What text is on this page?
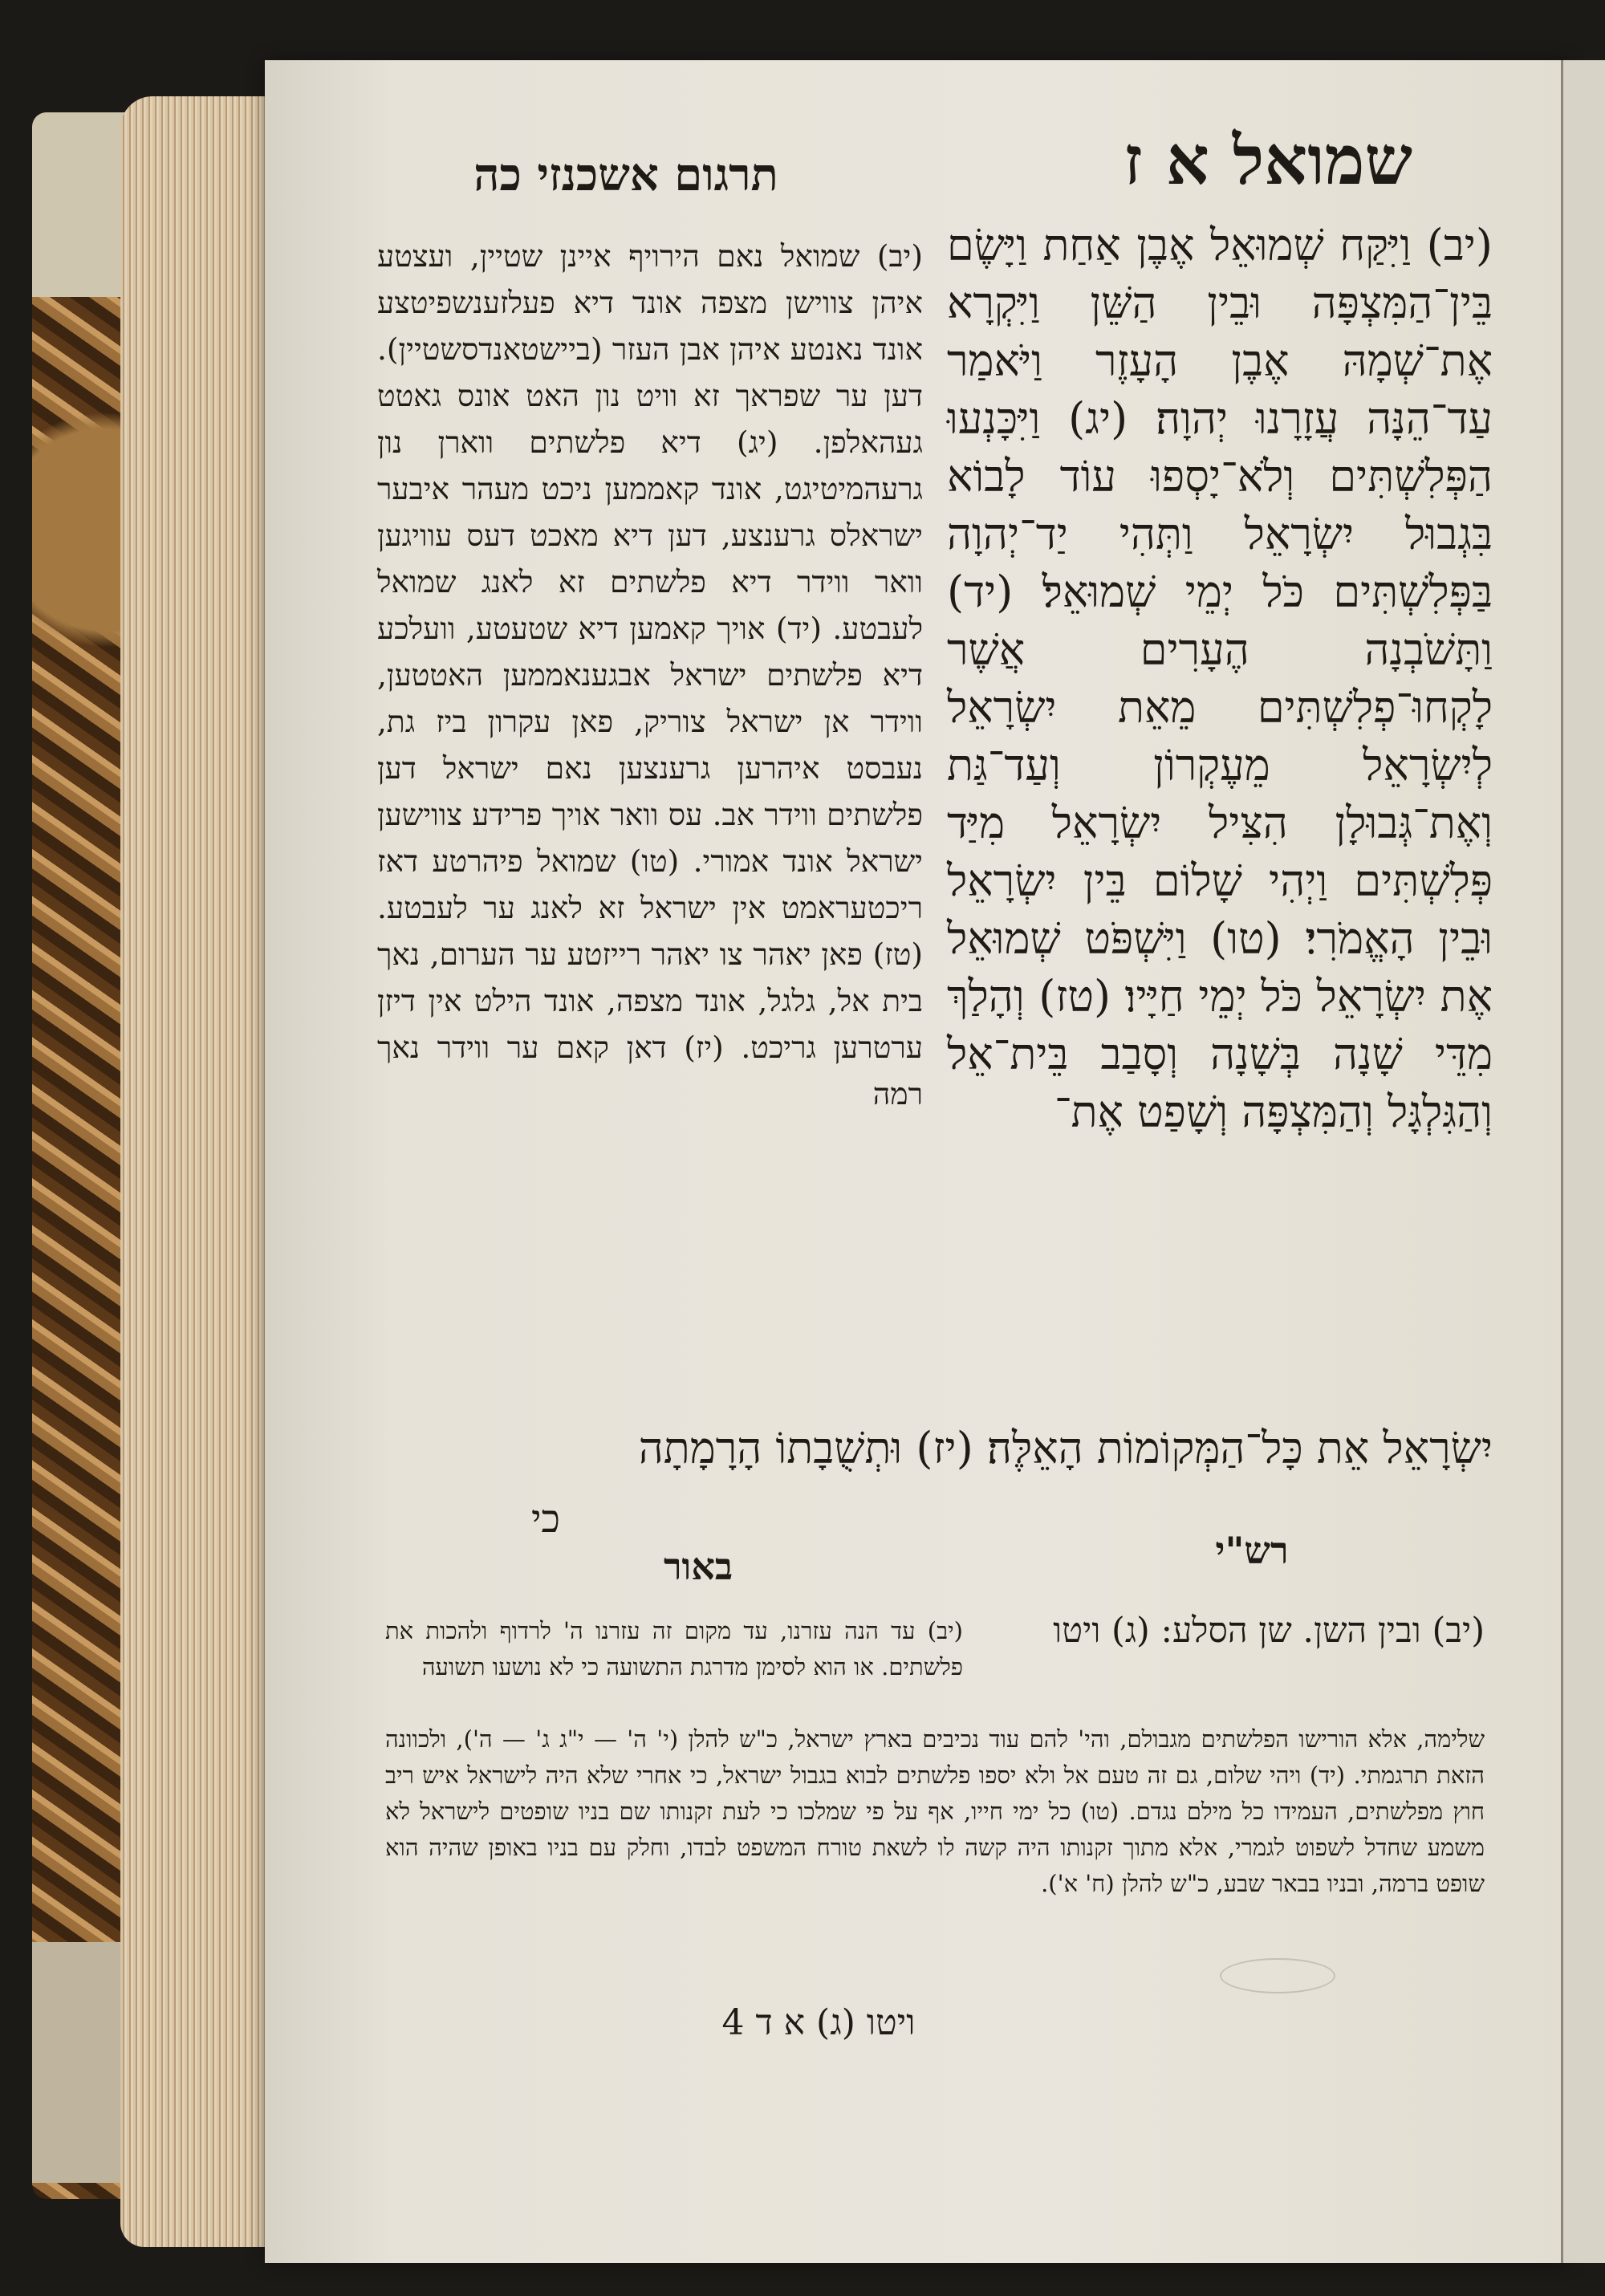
שמואל א ז
תרגום אשכנזי כה

(יב) וַיִּקַּח שְׁמוּאֵל אֶבֶן אַחַת וַיָּשֶׂם בֵּין־הַמִּצְפָּה וּבֵין הַשֵּׁן וַיִּקְרָא אֶת־שְׁמָהּ אֶבֶן הָעָזֶר וַיֹּאמַר עַד־הֵנָּה עֲזָרָנוּ יְהוָה׃ (יג) וַיִּכָּנְעוּ הַפְּלִשְׁתִּים וְלֹא־יָסְפוּ עוֹד לָבוֹא בִּגְבוּל יִשְׂרָאֵל וַתְּהִי יַד־יְהוָה בַּפְּלִשְׁתִּים כֹּל יְמֵי שְׁמוּאֵל׃ (יד) וַתָּשֹׁבְנָה הֶעָרִים אֲשֶׁר לָקְחוּ־פְלִשְׁתִּים מֵאֵת יִשְׂרָאֵל לְיִשְׂרָאֵל מֵעֶקְרוֹן וְעַד־גַּת וְאֶת־גְּבוּלָן הִצִּיל יִשְׂרָאֵל מִיַּד פְּלִשְׁתִּים וַיְהִי שָׁלוֹם בֵּין יִשְׂרָאֵל וּבֵין הָאֱמֹרִי׃ (טו) וַיִּשְׁפֹּט שְׁמוּאֵל אֶת יִשְׂרָאֵל כֹּל יְמֵי חַיָּיו׃ (טז) וְהָלַךְ מִדֵּי שָׁנָה בְּשָׁנָה וְסָבַב בֵּית־אֵל וְהַגִּלְגָּל וְהַמִּצְפָּה וְשָׁפַט אֶת־

(יב) שמואל נאם הירויף איינן שטיין, ועצטע איהן צווישן מצפה אונד דיא פעלזענשפיטצע אונד נאנטע איהן אבן העזר (ביישטאנדסשטיין). דען ער שפראך זא וויט נון האט אונס גאטט געהאלפן. (יג) דיא פלשתים ווארן נון גרעהמיטיגט, אונד קאממען ניכט מעהר איבער ישראלס גרענצע, דען דיא מאכט דעס עוויגען וואר ווידר דיא פלשתים זא לאנג שמואל לעבטע. (יד) אויך קאמען דיא שטעטע, וועלכע דיא פלשתים ישראל אבגענאממען האטטען, ווידר אן ישראל צוריק, פאן עקרון ביז גת, נעבסט איהרען גרענצען נאם ישראל דען פלשתים ווידר אב. עס וואר אויך פרידע צווישען ישראל אונד אמורי. (טו) שמואל פיהרטע דאז ריכטעראמט אין ישראל זא לאנג ער לעבטע. (טז) פאן יאהר צו יאהר רייזטע ער הערום, נאך בית אל, גלגל, אונד מצפה, אונד הילט אין דיזן ערטרען גריכט. (יז) דאן קאם ער ווידר נאך רמה

יִשְׂרָאֵל אֵת כָּל־הַמְּקוֹמוֹת הָאֵלֶּה׃ (יז) וּתְשֻׁבָתוֹ הָרָמָתָה
כי
רש"י
באור

(יב) ובין השן. שן הסלע: (ג) ויטו

(יב) עד הנה עזרנו, עד מקום זה עזרנו ה' לרדוף ולהכות את פלשתים. או הוא לסימן מדרגת התשועה כי לא נושעו תשועה

שלימה, אלא הורישו הפלשתים מגבולם, והי' להם עוד נכיבים בארץ ישראל, כ"ש להלן (י' ה' — י"ג ג' — ה'), ולכוונה הזאת תרגמתי. (יד) ויהי שלום, גם זה טעם אל ולא יספו פלשתים לבוא בגבול ישראל, כי אחרי שלא היה לישראל איש ריב חוץ מפלשתים, העמידו כל מילם נגדם. (טו) כל ימי חייו, אף על פי שמלכו כי לעת זקנותו שם בניו שופטים לישראל לא משמע שחדל לשפוט לגמרי, אלא מתוך זקנותו היה קשה לו לשאת טורח המשפט לבדו, וחלק עם בניו באופן שהיה הוא שופט ברמה, ובניו בבאר שבע, כ"ש להלן (ח' א').

ויטו (ג) א ד 4
